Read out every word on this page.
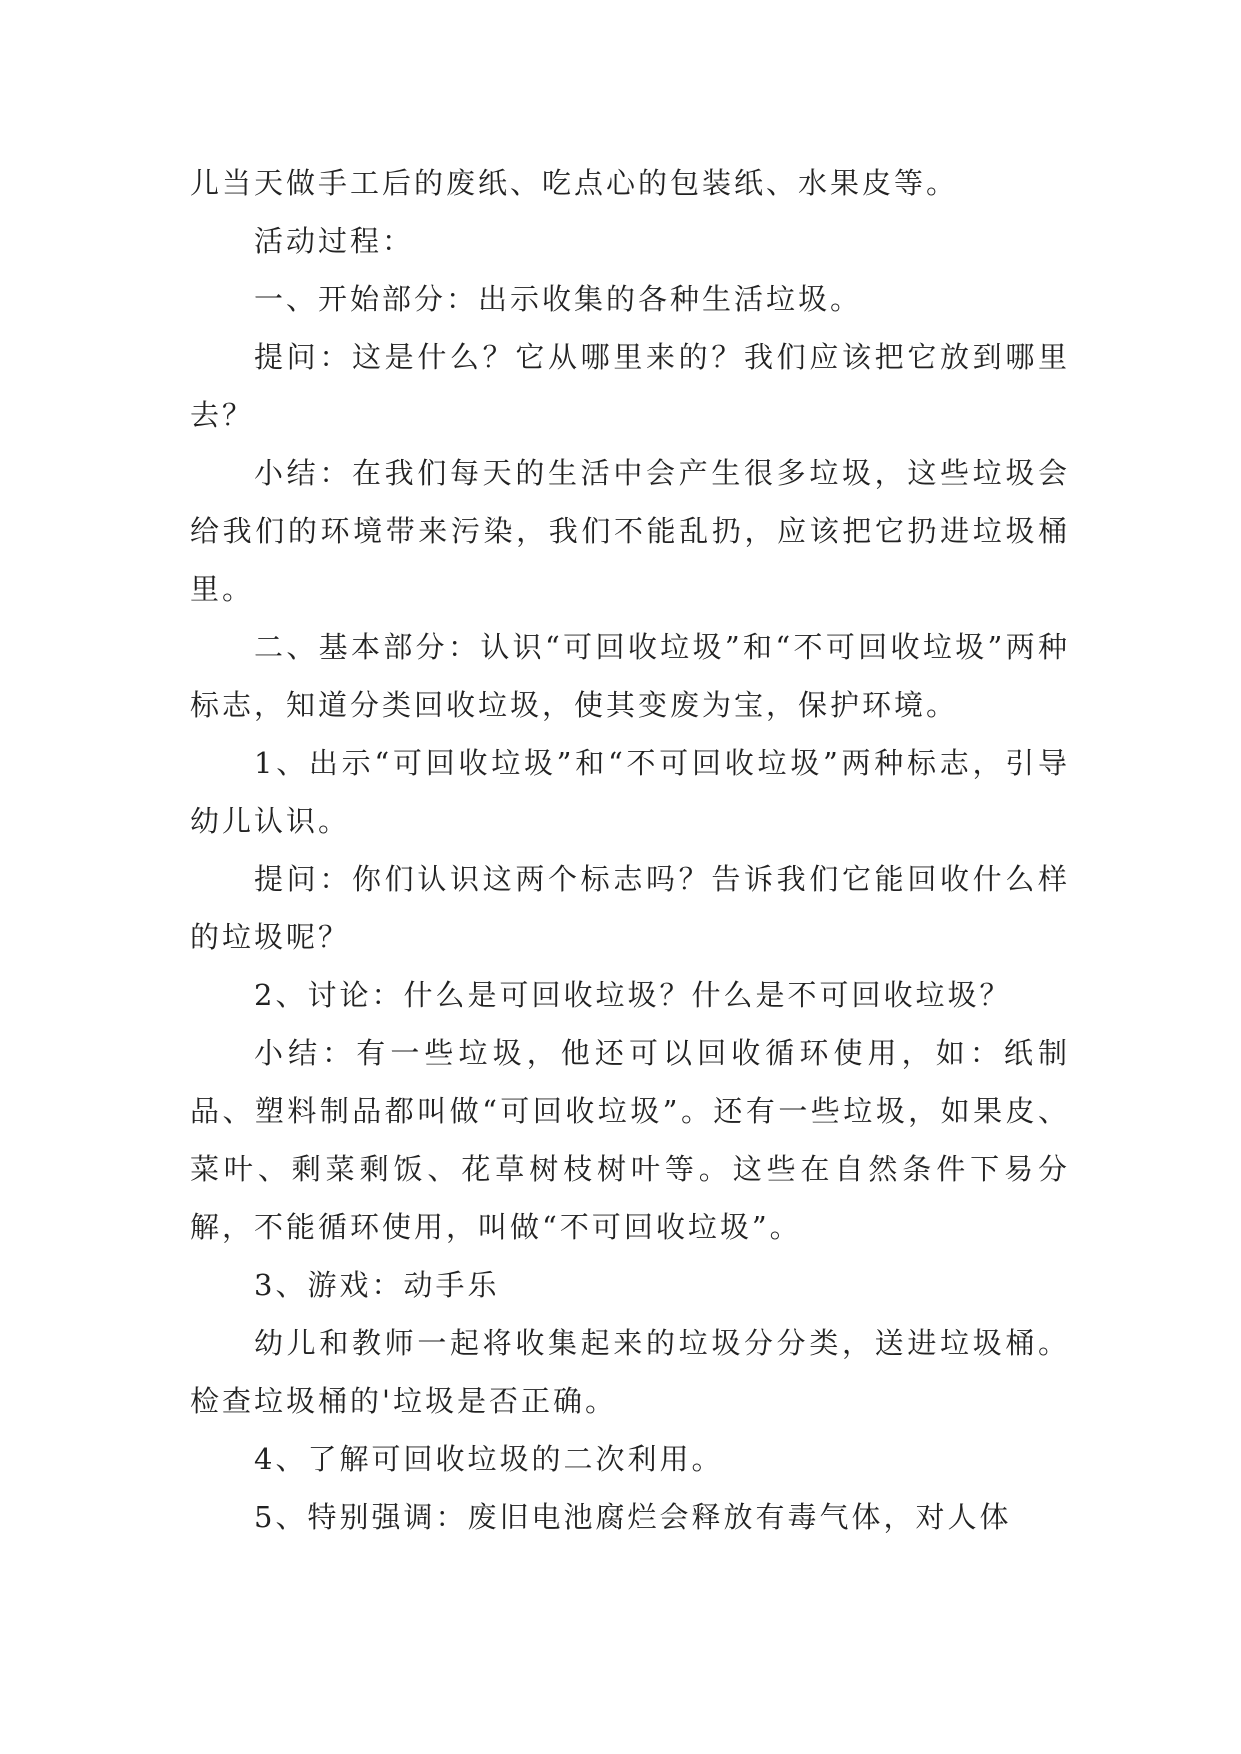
儿当天做手工后的废纸、吃点心的包装纸、水果皮等。

活动过程：

一、开始部分：出示收集的各种生活垃圾。

提问：这是什么？它从哪里来的？我们应该把它放到哪里去？

小结：在我们每天的生活中会产生很多垃圾，这些垃圾会给我们的环境带来污染，我们不能乱扔，应该把它扔进垃圾桶里。

二、基本部分：认识“可回收垃圾”和“不可回收垃圾”两种标志，知道分类回收垃圾，使其变废为宝，保护环境。

1、出示“可回收垃圾”和“不可回收垃圾”两种标志，引导幼儿认识。

提问：你们认识这两个标志吗？告诉我们它能回收什么样的垃圾呢？

2、讨论：什么是可回收垃圾？什么是不可回收垃圾？

小结：有一些垃圾，他还可以回收循环使用，如：纸制品、塑料制品都叫做“可回收垃圾”。还有一些垃圾，如果皮、菜叶、剩菜剩饭、花草树枝树叶等。这些在自然条件下易分解，不能循环使用，叫做“不可回收垃圾”。

3、游戏：动手乐

幼儿和教师一起将收集起来的垃圾分分类，送进垃圾桶。检查垃圾桶的'垃圾是否正确。

4、了解可回收垃圾的二次利用。

5、特别强调：废旧电池腐烂会释放有毒气体，对人体
